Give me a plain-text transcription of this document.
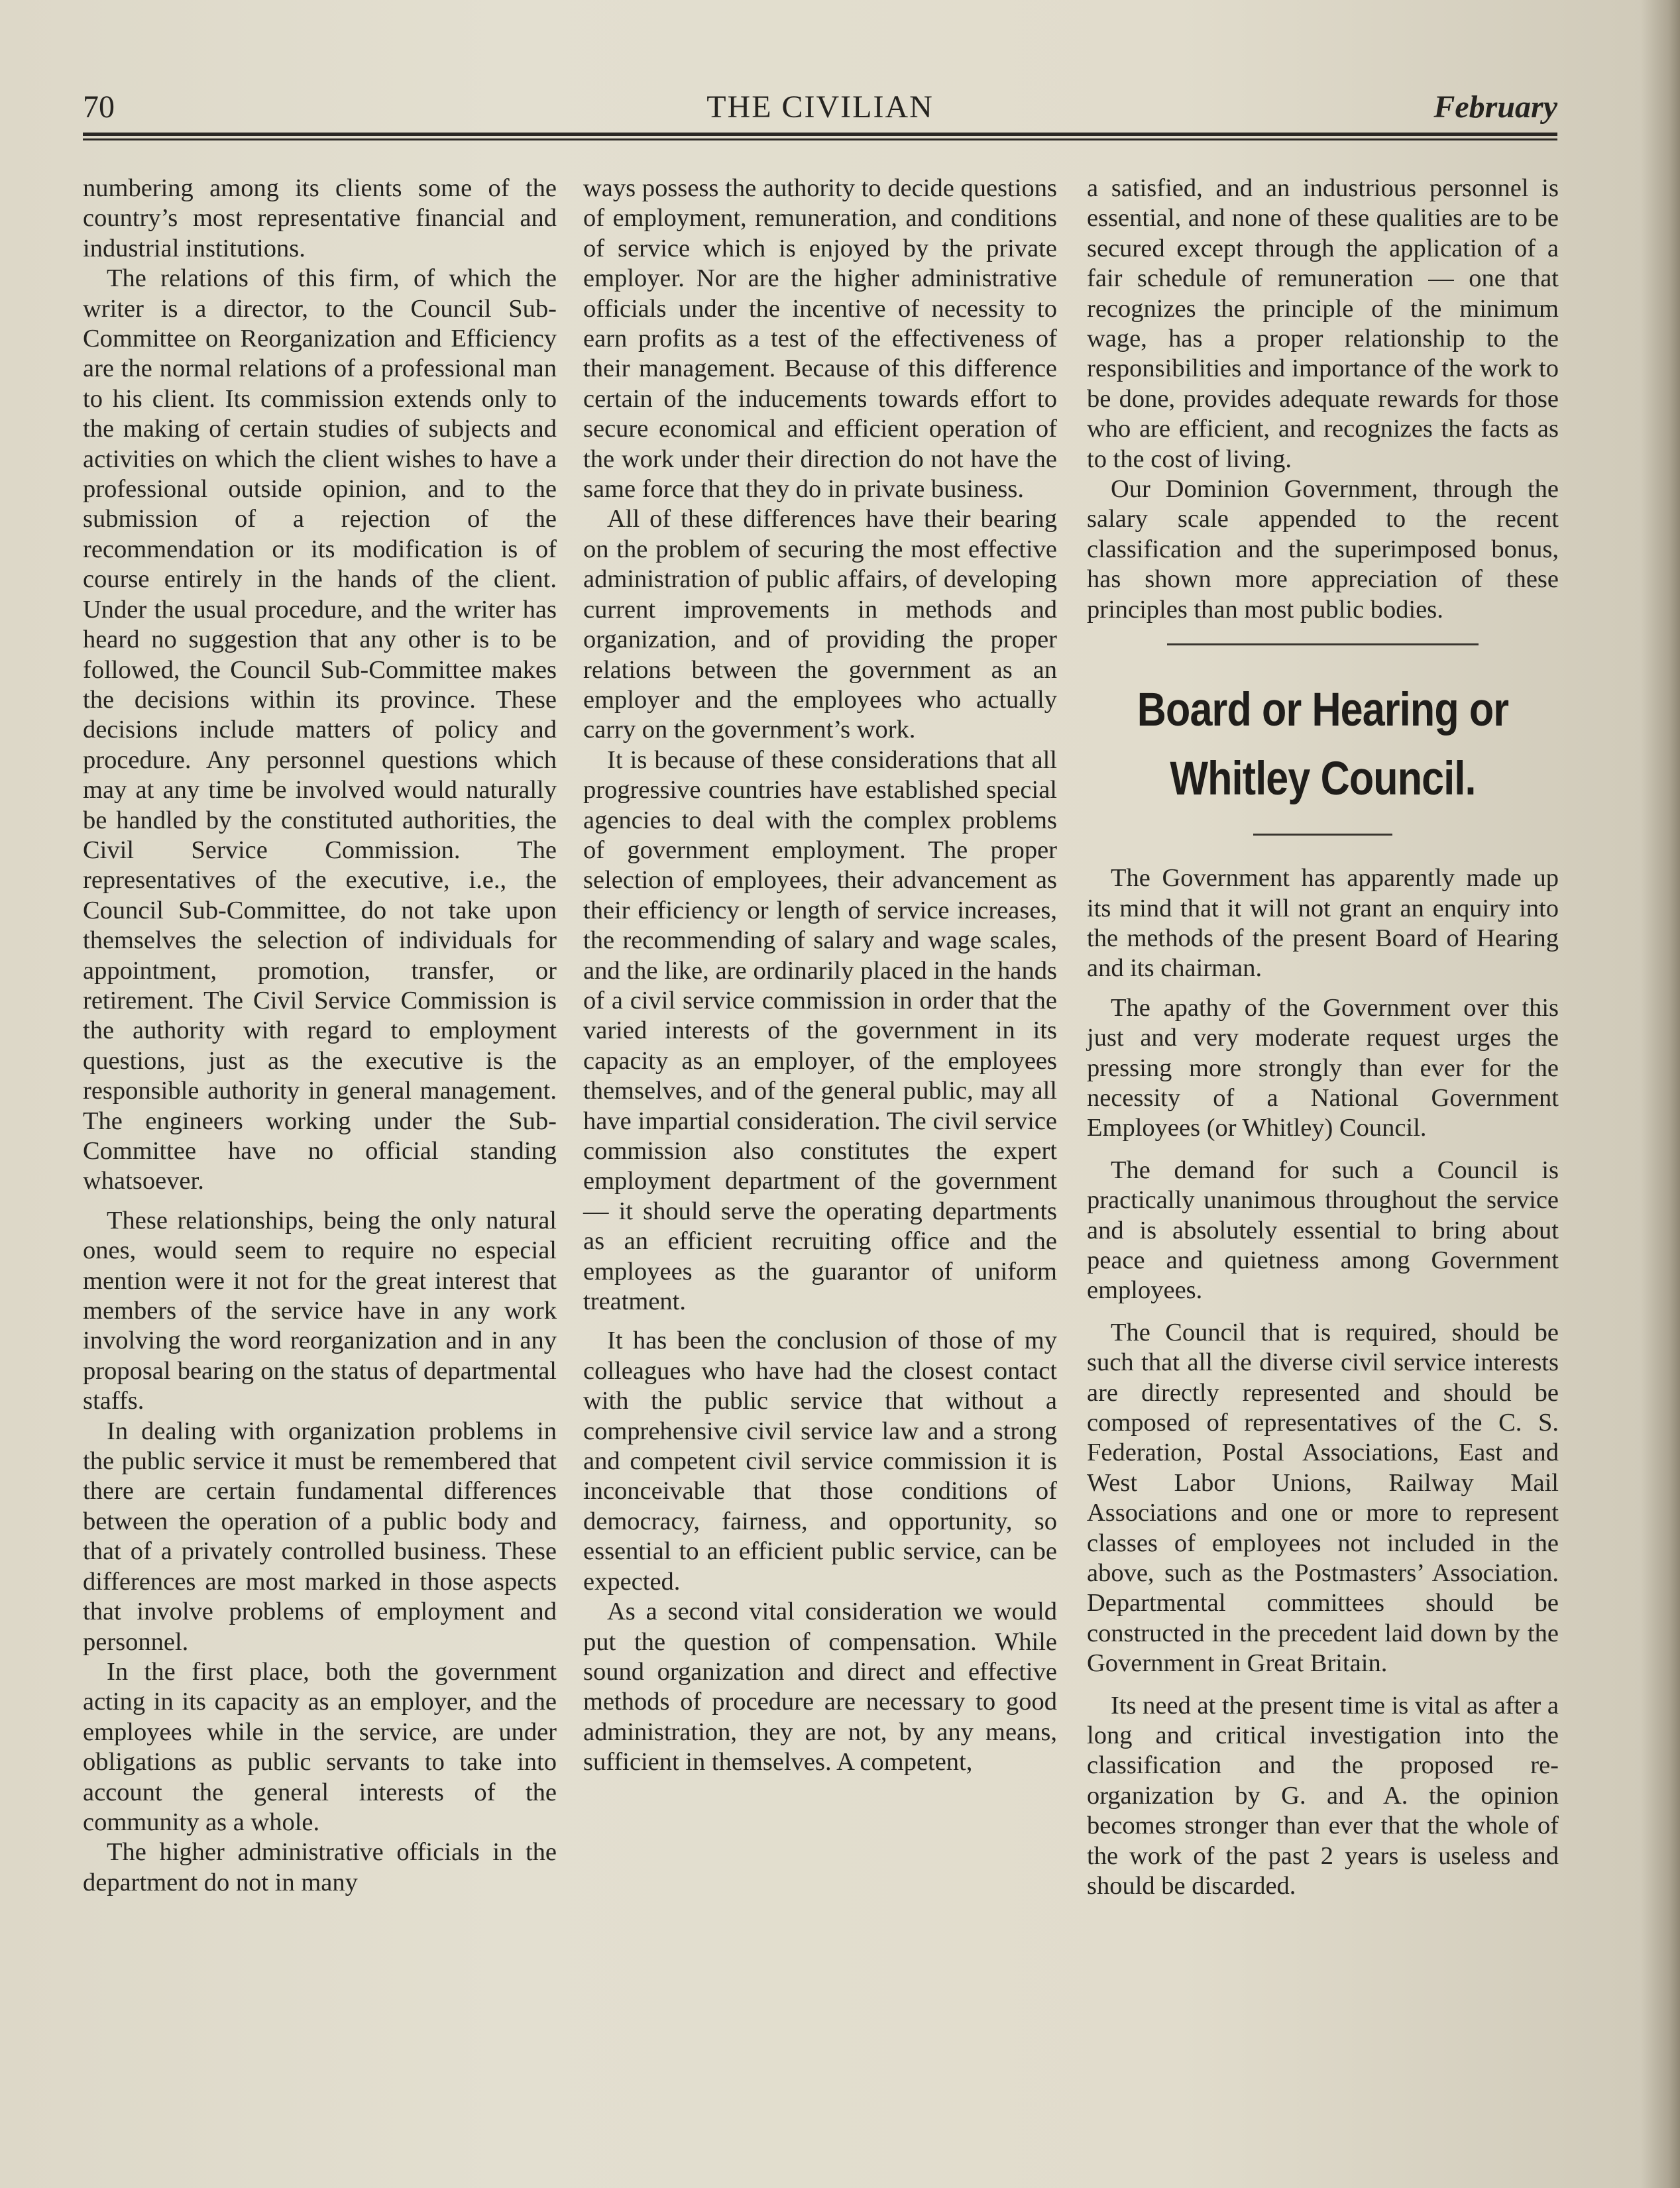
70	THE CIVILIAN	February

numbering among its clients some of the country’s most representative financial and industrial institutions.

The relations of this firm, of which the writer is a director, to the Council Sub-Committee on Reorganization and Efficiency are the normal relations of a professional man to his client. Its commission extends only to the making of certain studies of subjects and activities on which the client wishes to have a professional outside opinion, and to the submission of a rejection of the recommendation or its modification is of course entirely in the hands of the client. Under the usual procedure, and the writer has heard no suggestion that any other is to be followed, the Council Sub-Committee makes the decisions within its province. These decisions include matters of policy and procedure. Any personnel questions which may at any time be involved would naturally be handled by the constituted authorities, the Civil Service Commission. The representatives of the executive, i.e., the Council Sub-Committee, do not take upon themselves the selection of individuals for appointment, promotion, transfer, or retirement. The Civil Service Commission is the authority with regard to employment questions, just as the executive is the responsible authority in general management. The engineers working under the Sub-Committee have no official standing whatsoever.

These relationships, being the only natural ones, would seem to require no especial mention were it not for the great interest that members of the service have in any work involving the word reorganization and in any proposal bearing on the status of departmental staffs.

In dealing with organization problems in the public service it must be remembered that there are certain fundamental differences between the operation of a public body and that of a privately controlled business. These differences are most marked in those aspects that involve problems of employment and personnel.

In the first place, both the government acting in its capacity as an employer, and the employees while in the service, are under obligations as public servants to take into account the general interests of the community as a whole.

The higher administrative officials in the department do not in many

ways possess the authority to decide questions of employment, remuneration, and conditions of service which is enjoyed by the private employer. Nor are the higher administrative officials under the incentive of necessity to earn profits as a test of the effectiveness of their management. Because of this difference certain of the inducements towards effort to secure economical and efficient operation of the work under their direction do not have the same force that they do in private business.

All of these differences have their bearing on the problem of securing the most effective administration of public affairs, of developing current improvements in methods and organization, and of providing the proper relations between the government as an employer and the employees who actually carry on the government’s work.

It is because of these considerations that all progressive countries have established special agencies to deal with the complex problems of government employment. The proper selection of employees, their advancement as their efficiency or length of service increases, the recommending of salary and wage scales, and the like, are ordinarily placed in the hands of a civil service commission in order that the varied interests of the government in its capacity as an employer, of the employees themselves, and of the general public, may all have impartial consideration. The civil service commission also constitutes the expert employment department of the government — it should serve the operating departments as an efficient recruiting office and the employees as the guarantor of uniform treatment.

It has been the conclusion of those of my colleagues who have had the closest contact with the public service that without a comprehensive civil service law and a strong and competent civil service commission it is inconceivable that those conditions of democracy, fairness, and opportunity, so essential to an efficient public service, can be expected.

As a second vital consideration we would put the question of compensation. While sound organization and direct and effective methods of procedure are necessary to good administration, they are not, by any means, sufficient in themselves. A competent,

a satisfied, and an industrious personnel is essential, and none of these qualities are to be secured except through the application of a fair schedule of remuneration — one that recognizes the principle of the minimum wage, has a proper relationship to the responsibilities and importance of the work to be done, provides adequate rewards for those who are efficient, and recognizes the facts as to the cost of living.

Our Dominion Government, through the salary scale appended to the recent classification and the superimposed bonus, has shown more appreciation of these principles than most public bodies.

Board or Hearing or
Whitley Council.

The Government has apparently made up its mind that it will not grant an enquiry into the methods of the present Board of Hearing and its chairman.

The apathy of the Government over this just and very moderate request urges the pressing more strongly than ever for the necessity of a National Government Employees (or Whitley) Council.

The demand for such a Council is practically unanimous throughout the service and is absolutely essential to bring about peace and quietness among Government employees.

The Council that is required, should be such that all the diverse civil service interests are directly represented and should be composed of representatives of the C. S. Federation, Postal Associations, East and West Labor Unions, Railway Mail Associations and one or more to represent classes of employees not included in the above, such as the Postmasters’ Association. Departmental committees should be constructed in the precedent laid down by the Government in Great Britain.

Its need at the present time is vital as after a long and critical investigation into the classification and the proposed re-organization by G. and A. the opinion becomes stronger than ever that the whole of the work of the past 2 years is useless and should be discarded.
